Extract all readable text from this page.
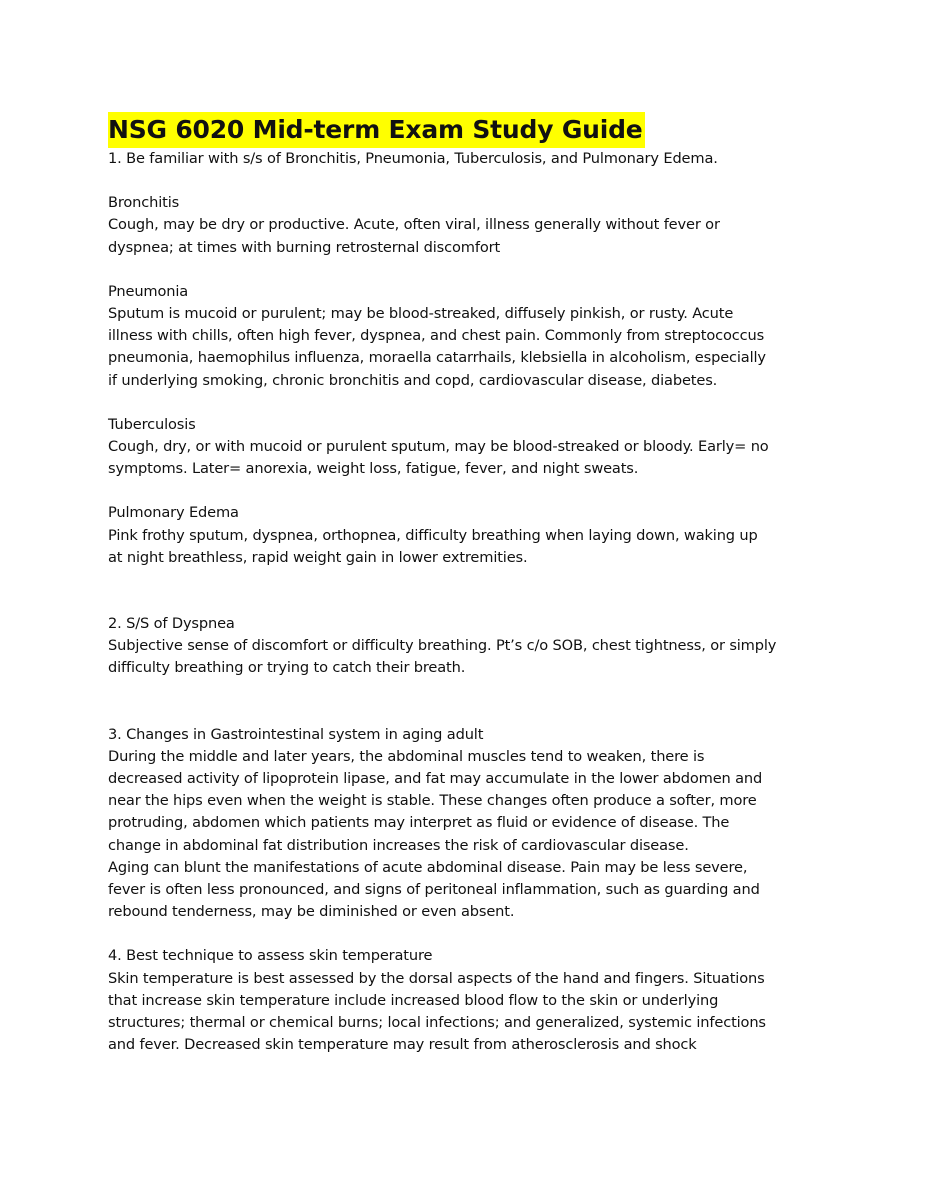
NSG 6020 Mid-term Exam Study Guide

1. Be familiar with s/s of Bronchitis, Pneumonia, Tuberculosis, and Pulmonary Edema.

Bronchitis

Cough, may be dry or productive. Acute, often viral, illness generally without fever or

dyspnea; at times with burning retrosternal discomfort

Pneumonia

Sputum is mucoid or purulent; may be blood-streaked, diffusely pinkish, or rusty. Acute

illness with chills, often high fever, dyspnea, and chest pain. Commonly from streptococcus

pneumonia, haemophilus influenza, moraella catarrhails, klebsiella in alcoholism, especially

if underlying smoking, chronic bronchitis and copd, cardiovascular disease, diabetes.

Tuberculosis

Cough, dry, or with mucoid or purulent sputum, may be blood-streaked or bloody. Early= no

symptoms. Later= anorexia, weight loss, fatigue, fever, and night sweats.

Pulmonary Edema

Pink frothy sputum, dyspnea, orthopnea, difficulty breathing when laying down, waking up

at night breathless, rapid weight gain in lower extremities.

2. S/S of Dyspnea

Subjective sense of discomfort or difficulty breathing. Pt’s c/o SOB, chest tightness, or simply

difficulty breathing or trying to catch their breath.

3. Changes in Gastrointestinal system in aging adult

During the middle and later years, the abdominal muscles tend to weaken, there is

decreased activity of lipoprotein lipase, and fat may accumulate in the lower abdomen and

near the hips even when the weight is stable. These changes often produce a softer, more

protruding, abdomen which patients may interpret as fluid or evidence of disease. The

change in abdominal fat distribution increases the risk of cardiovascular disease.

Aging can blunt the manifestations of acute abdominal disease. Pain may be less severe,

fever is often less pronounced, and signs of peritoneal inflammation, such as guarding and

rebound tenderness, may be diminished or even absent.

4. Best technique to assess skin temperature

Skin temperature is best assessed by the dorsal aspects of the hand and fingers. Situations

that increase skin temperature include increased blood flow to the skin or underlying

structures; thermal or chemical burns; local infections; and generalized, systemic infections

and fever. Decreased skin temperature may result from atherosclerosis and shock
